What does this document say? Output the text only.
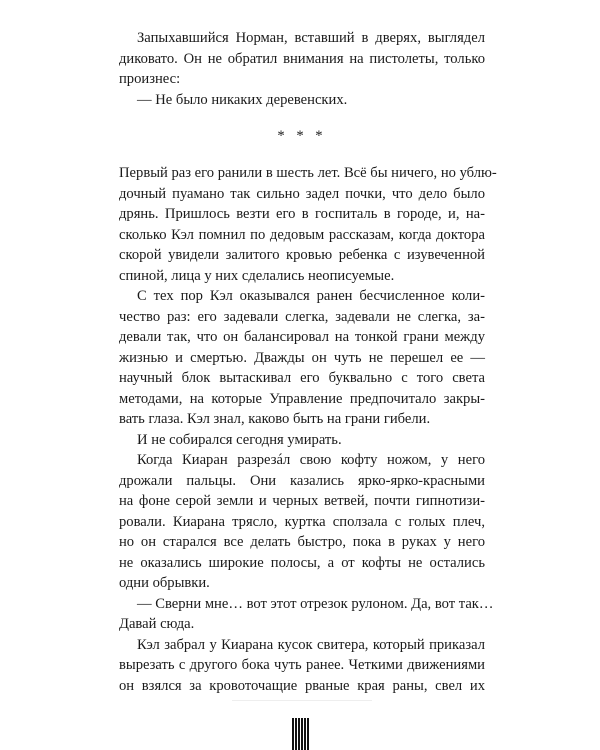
Запыхавшийся Норман, вставший в дверях, выглядел
диковато. Он не обратил внимания на пистолеты, только
произнес:
— Не было никаких деревенских.
* * *
Первый раз его ранили в шесть лет. Всё бы ничего, но ублю-
дочный пуамано так сильно задел почки, что дело было
дрянь. Пришлось везти его в госпиталь в городе, и, на-
сколько Кэл помнил по дедовым рассказам, когда доктора
скорой увидели залитого кровью ребенка с изувеченной
спиной, лица у них сделались неописуемые.
С тех пор Кэл оказывался ранен бесчисленное коли-
чество раз: его задевали слегка, задевали не слегка, за-
девали так, что он балансировал на тонкой грани между
жизнью и смертью. Дважды он чуть не перешел ее —
научный блок вытаскивал его буквально с того света
методами, на которые Управление предпочитало закры-
вать глаза. Кэл знал, каково быть на грани гибели.
И не собирался сегодня умирать.
Когда Киаран разрезáл свою кофту ножом, у него
дрожали пальцы. Они казались ярко-ярко-красными
на фоне серой земли и черных ветвей, почти гипнотизи-
ровали. Киарана трясло, куртка сползала с голых плеч,
но он старался все делать быстро, пока в руках у него
не оказались широкие полосы, а от кофты не остались
одни обрывки.
— Сверни мне… вот этот отрезок рулоном. Да, вот так…
Давай сюда.
Кэл забрал у Киарана кусок свитера, который приказал
вырезать с другого бока чуть ранее. Четкими движениями
он взялся за кровоточащие рваные края раны, свел их
